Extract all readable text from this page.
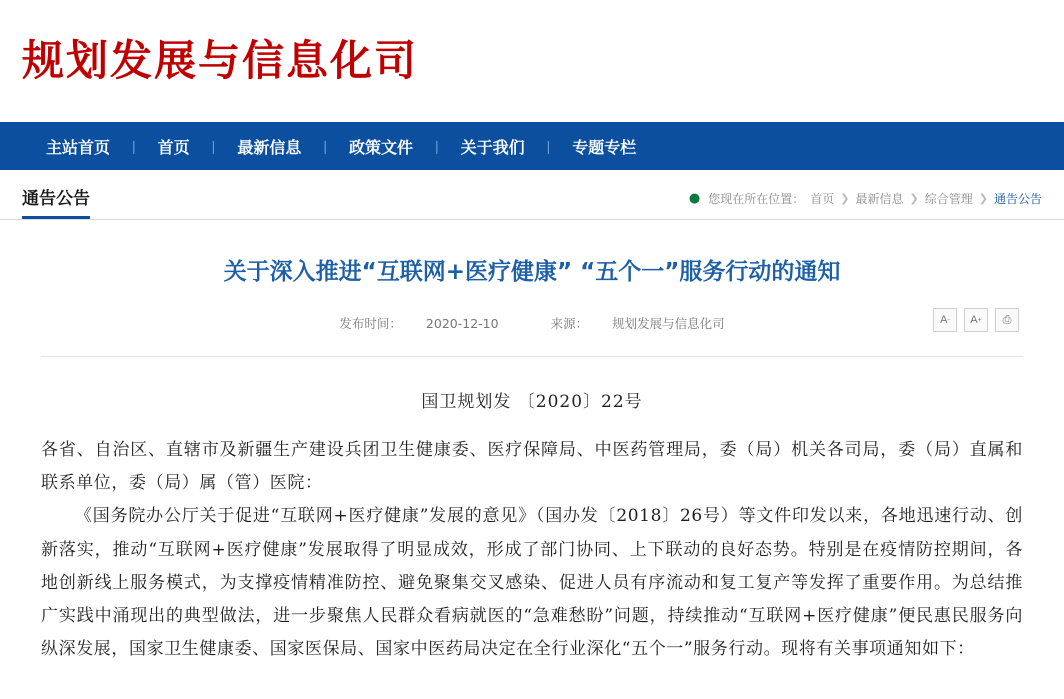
规划发展与信息化司
主站首页	|	首页	|	最新信息	|	政策文件	|	关于我们	|	专题专栏
通告公告	● 您现在所在位置： 首页 ❯ 最新信息 ❯ 综合管理 ❯ 通告公告
关于深入推进“互联网+医疗健康” “五个一”服务行动的通知
发布时间： 2020-12-10	来源： 规划发展与信息化司	A - A +	⎙
国卫规划发 〔2020〕22号

各省、自治区、直辖市及新疆生产建设兵团卫生健康委、医疗保障局、中医药管理局，委（局）机关各司局，委（局）直属和联系单位，委（局）属（管）医院：

《国务院办公厅关于促进“互联网+医疗健康”发展的意见》（国办发〔2018〕26号）等文件印发以来，各地迅速行动、创新落实，推动“互联网+医疗健康”发展取得了明显成效，形成了部门协同、上下联动的良好态势。特别是在疫情防控期间，各地创新线上服务模式，为支撑疫情精准防控、避免聚集交叉感染、促进人员有序流动和复工复产等发挥了重要作用。为总结推广实践中涌现出的典型做法，进一步聚焦人民群众看病就医的“急难愁盼”问题，持续推动“互联网+医疗健康”便民惠民服务向纵深发展，国家卫生健康委、国家医保局、国家中医药局决定在全行业深化“五个一”服务行动。现将有关事项通知如下：
